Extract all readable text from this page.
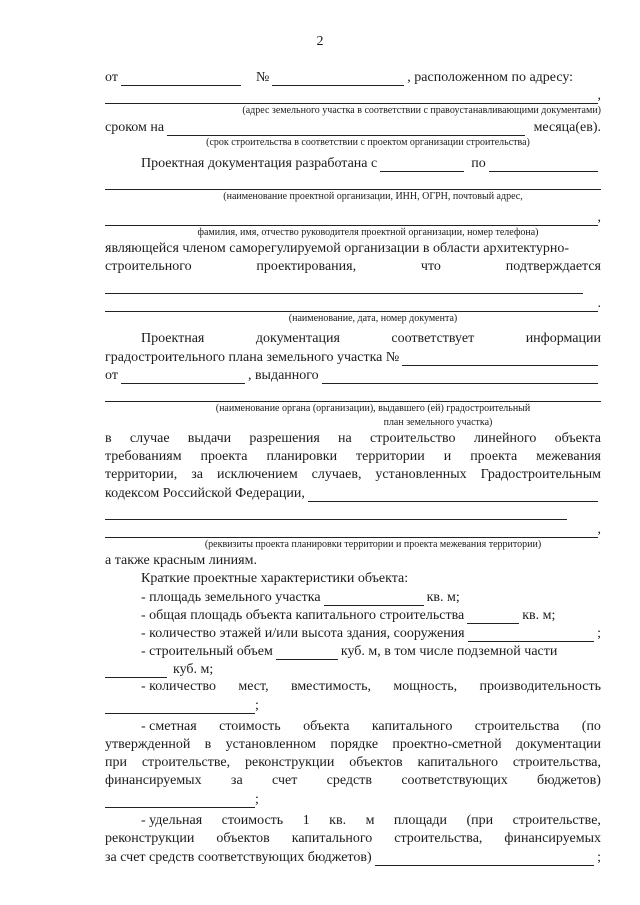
2
от	№	, расположенном по адресу:
,
(адрес земельного участка в соответствии с правоустанавливающими документами)
сроком на	месяца(ев).
(срок строительства в соответствии с проектом организации строительства)
Проектная документация разработана с	по
(наименование проектной организации, ИНН, ОГРН, почтовый адрес,
,
фамилия, имя, отчество руководителя проектной организации, номер телефона)
являющейся членом саморегулируемой организации в области архитектурно-
строительного	проектирования,	что	подтверждается
.
(наименование, дата, номер документа)
Проектная	документация	соответствует	информации
градостроительного плана земельного участка №
от	, выданного
(наименование органа (организации), выдавшего (ей) градостроительный
план земельного участка)
в случае выдачи разрешения на строительство линейного объекта
требованиям проекта планировки территории и проекта межевания
территории, за исключением случаев, установленных Градостроительным
кодексом Российской Федерации,
,
(реквизиты проекта планировки территории и проекта межевания территории)
а также красным линиям.
Краткие проектные характеристики объекта:
- площадь земельного участка	кв. м;
- общая площадь объекта капитального строительства	кв. м;
- количество этажей и/или высота здания, сооружения	;
- строительный объем	куб. м, в том числе подземной части
куб. м;
- количество мест, вместимость, мощность, производительность
;
- сметная стоимость объекта капитального строительства (по
утвержденной в установленном порядке проектно-сметной документации
при строительстве, реконструкции объектов капитального строительства,
финансируемых за счет средств соответствующих бюджетов)
;
- удельная стоимость 1 кв. м площади (при строительстве,
реконструкции объектов капитального строительства, финансируемых
за счет средств соответствующих бюджетов)	;
